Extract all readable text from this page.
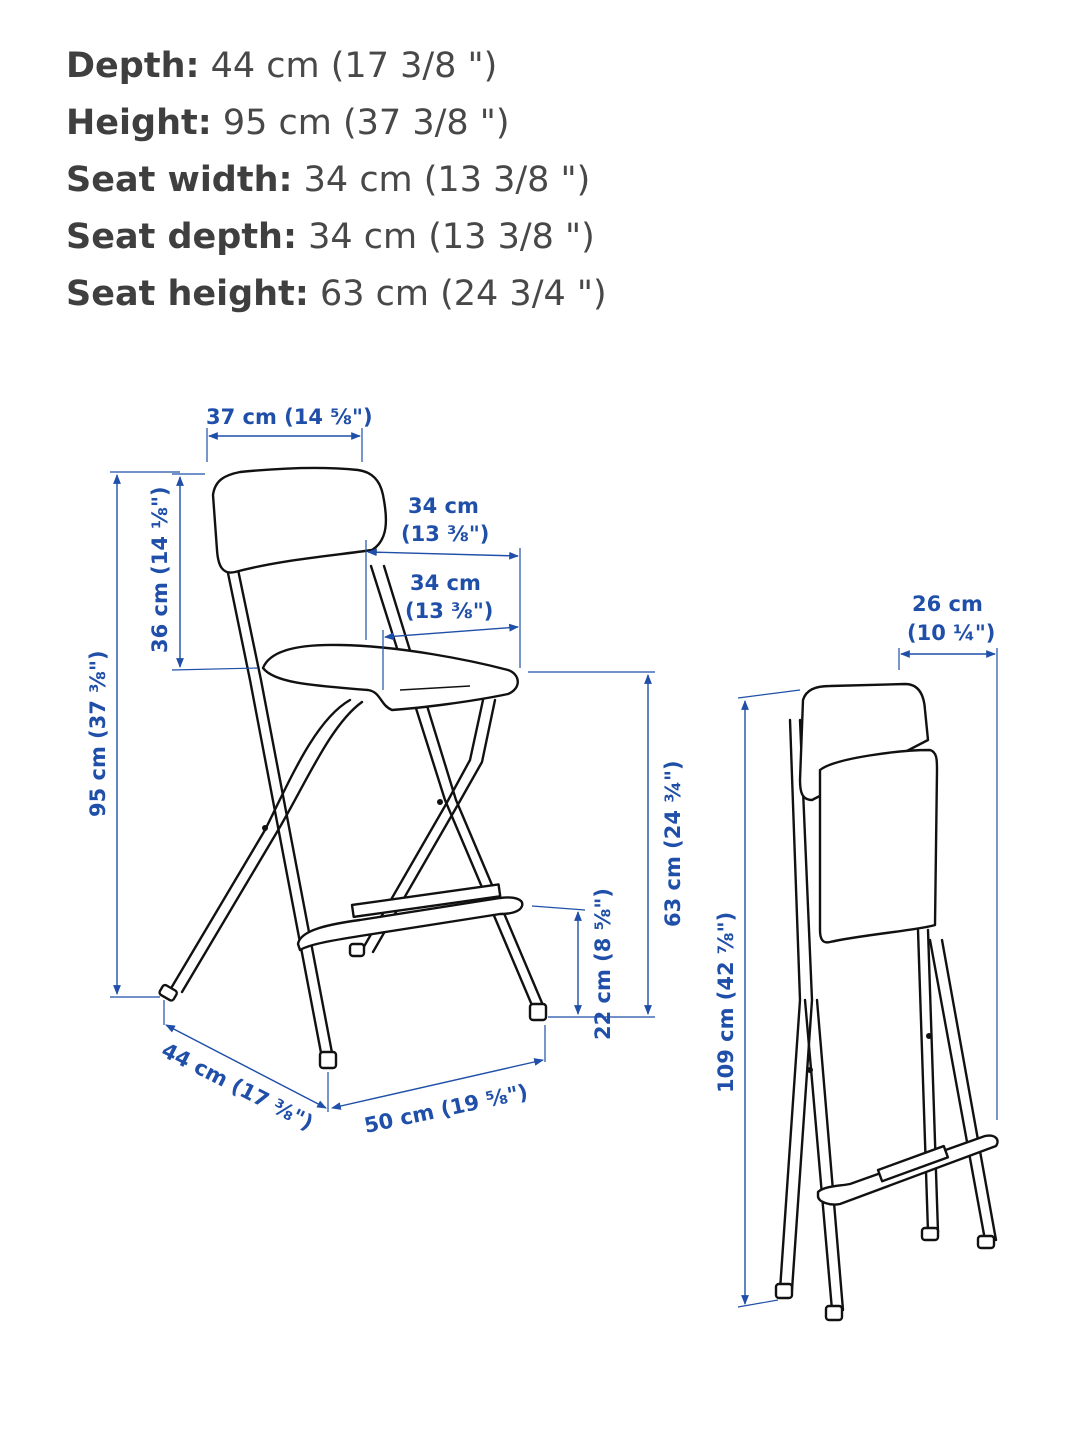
Depth: 44 cm (17 3/8 ")
Height: 95 cm (37 3/8 ")
Seat width: 34 cm (13 3/8 ")
Seat depth: 34 cm (13 3/8 ")
Seat height: 63 cm (24 3/4 ")
37 cm (14 ⅝")
34 cm
(13 ⅜")
34 cm
(13 ⅜")
36 cm (14 ⅛")
95 cm (37 ⅜")
63 cm (24 ¾")
22 cm (8 ⅝")
44 cm (17 ⅜") 50 cm (19 ⅝")
26 cm
(10 ¼")
109 cm (42 ⅞")
